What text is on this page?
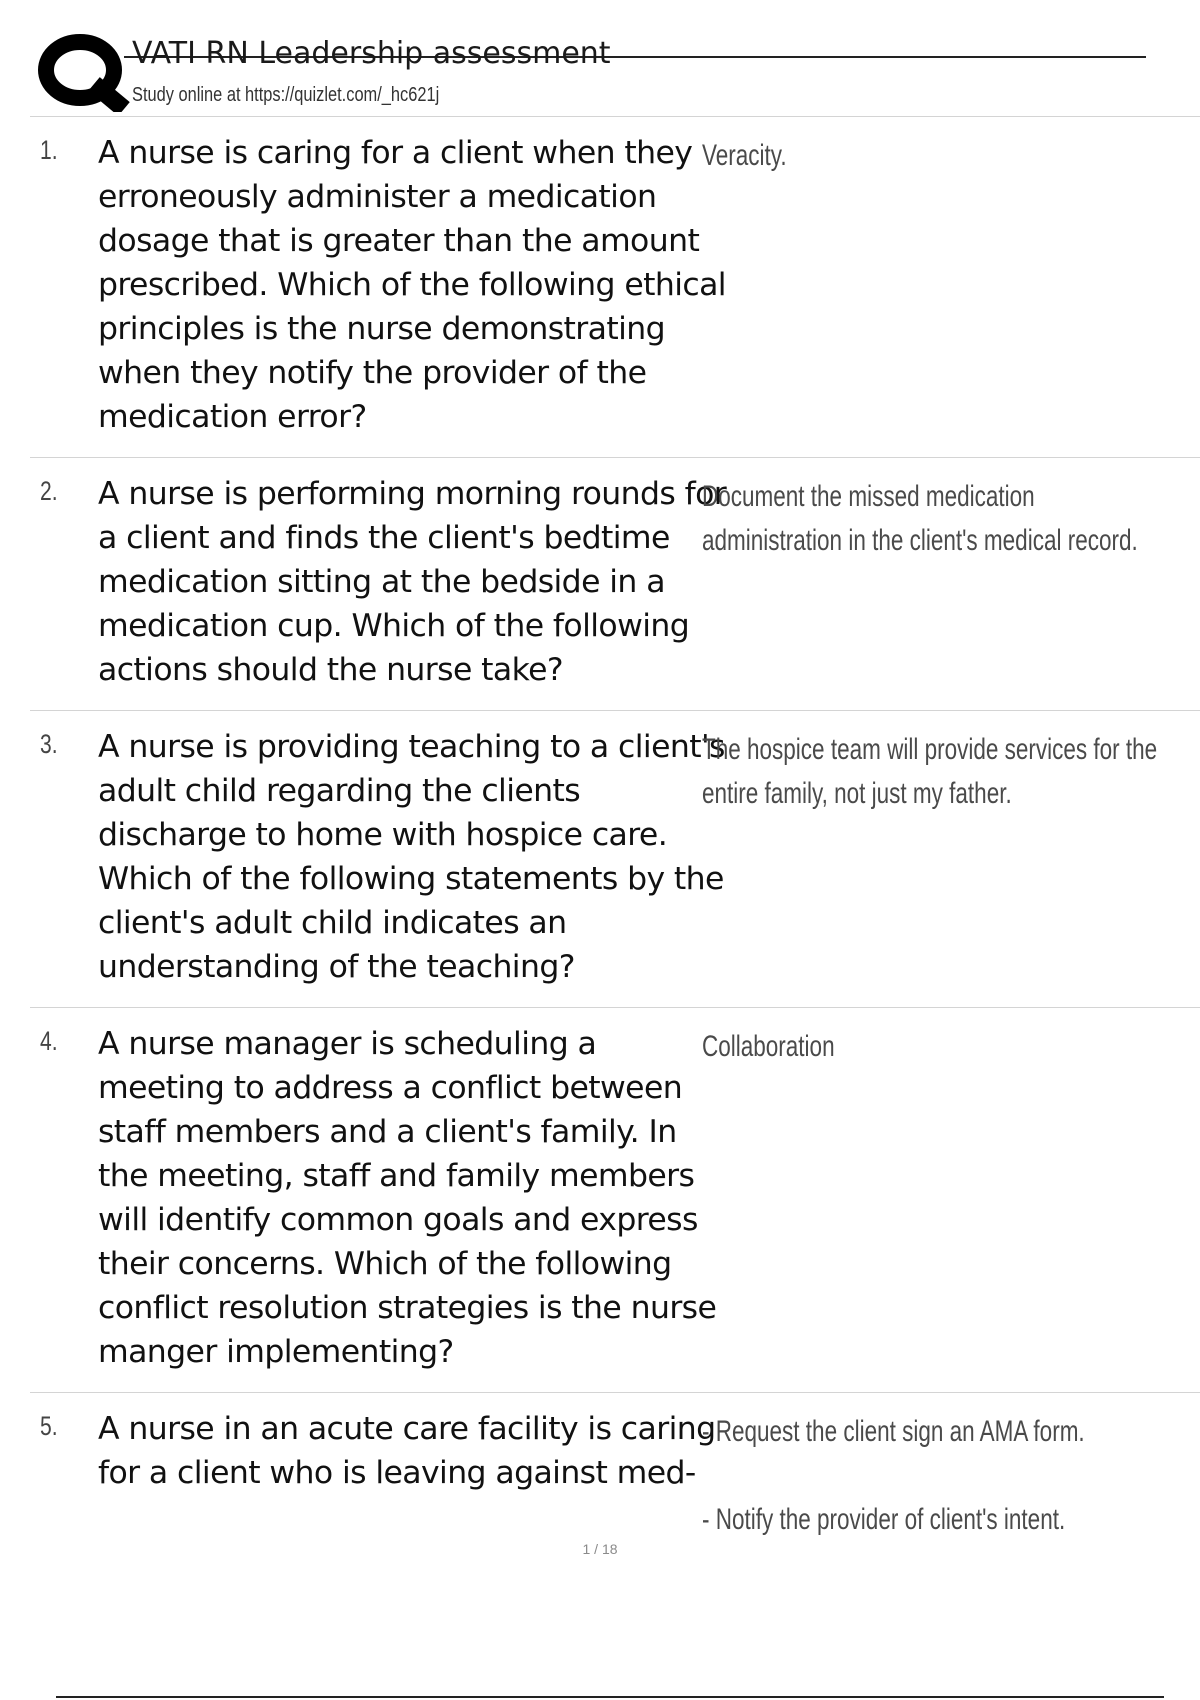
VATI RN Leadership assessment
Study online at https://quizlet.com/_hc621j
1. A nurse is caring for a client when they erroneously administer a medication dosage that is greater than the amount prescribed. Which of the following ethical principles is the nurse demonstrating when they notify the provider of the medication error?
Veracity.
2. A nurse is performing morning rounds for a client and finds the client's bedtime medication sitting at the bedside in a medication cup. Which of the following actions should the nurse take?
Document the missed medication administration in the client's medical record.
3. A nurse is providing teaching to a client's adult child regarding the clients discharge to home with hospice care. Which of the following statements by the client's adult child indicates an understanding of the teaching?
The hospice team will provide services for the entire family, not just my father.
4. A nurse manager is scheduling a meeting to address a conflict between staff members and a client's family. In the meeting, staff and family members will identify common goals and express their concerns. Which of the following conflict resolution strategies is the nurse manger implementing?
Collaboration
5. A nurse in an acute care facility is caring for a client who is leaving against med-
- Request the client sign an AMA form.

- Notify the provider of client's intent.
1 / 18
